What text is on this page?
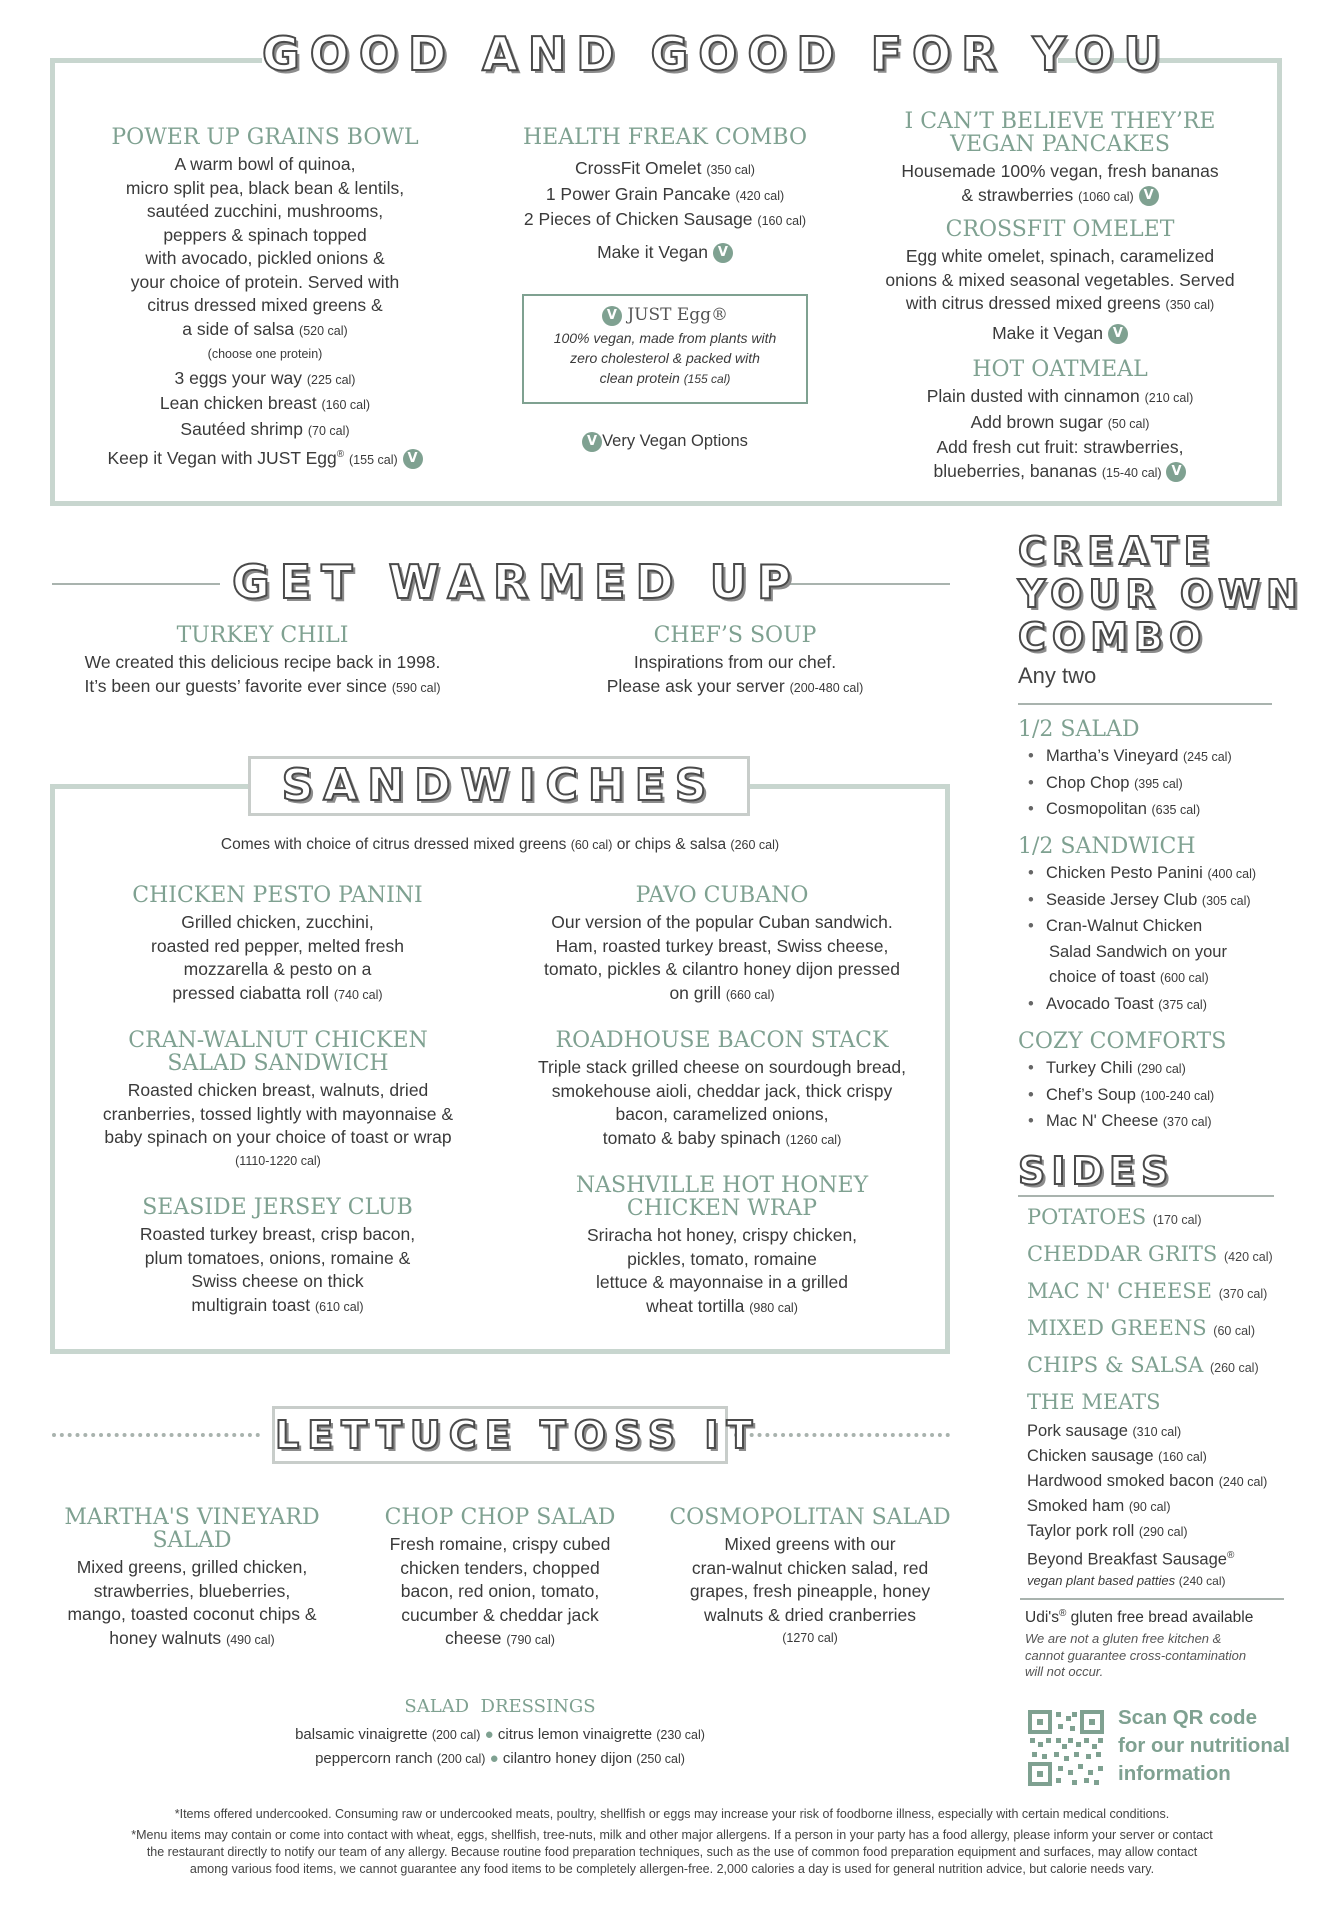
GOOD AND GOOD FOR YOU
POWER UP GRAINS BOWL
A warm bowl of quinoa,
micro split pea, black bean & lentils,
sautéed zucchini, mushrooms,
peppers & spinach topped
with avocado, pickled onions &
your choice of protein. Served with
citrus dressed mixed greens &
a side of salsa (520 cal)
(choose one protein)
3 eggs your way (225 cal)
Lean chicken breast (160 cal)
Sautéed shrimp (70 cal)
Keep it Vegan with JUST Egg® (155 cal) V
HEALTH FREAK COMBO
CrossFit Omelet (350 cal)
1 Power Grain Pancake (420 cal)
2 Pieces of Chicken Sausage (160 cal)
Make it Vegan V
V JUST Egg®
100% vegan, made from plants with
zero cholesterol & packed with
clean protein (155 cal)
V Very Vegan Options
I CAN’T BELIEVE THEY’RE
VEGAN PANCAKES
Housemade 100% vegan, fresh bananas
& strawberries (1060 cal) V
CROSSFIT OMELET
Egg white omelet, spinach, caramelized
onions & mixed seasonal vegetables. Served
with citrus dressed mixed greens (350 cal)
Make it Vegan V
HOT OATMEAL
Plain dusted with cinnamon (210 cal)
Add brown sugar (50 cal)
Add fresh cut fruit: strawberries,
blueberries, bananas (15-40 cal) V
GET WARMED UP
TURKEY CHILI
We created this delicious recipe back in 1998.
It’s been our guests’ favorite ever since (590 cal)
CHEF’S SOUP
Inspirations from our chef.
Please ask your server (200-480 cal)
SANDWICHES
Comes with choice of citrus dressed mixed greens (60 cal) or chips & salsa (260 cal)
CHICKEN PESTO PANINI
Grilled chicken, zucchini,
roasted red pepper, melted fresh
mozzarella & pesto on a
pressed ciabatta roll (740 cal)
PAVO CUBANO
Our version of the popular Cuban sandwich.
Ham, roasted turkey breast, Swiss cheese,
tomato, pickles & cilantro honey dijon pressed
on grill (660 cal)
CRAN-WALNUT CHICKEN
SALAD SANDWICH
Roasted chicken breast, walnuts, dried
cranberries, tossed lightly with mayonnaise &
baby spinach on your choice of toast or wrap
(1110-1220 cal)
ROADHOUSE BACON STACK
Triple stack grilled cheese on sourdough bread,
smokehouse aioli, cheddar jack, thick crispy
bacon, caramelized onions,
tomato & baby spinach (1260 cal)
SEASIDE JERSEY CLUB
Roasted turkey breast, crisp bacon,
plum tomatoes, onions, romaine &
Swiss cheese on thick
multigrain toast (610 cal)
NASHVILLE HOT HONEY
CHICKEN WRAP
Sriracha hot honey, crispy chicken,
pickles, tomato, romaine
lettuce & mayonnaise in a grilled
wheat tortilla (980 cal)
LETTUCE TOSS IT
MARTHA'S VINEYARD
SALAD
Mixed greens, grilled chicken,
strawberries, blueberries,
mango, toasted coconut chips &
honey walnuts (490 cal)
CHOP CHOP SALAD
Fresh romaine, crispy cubed
chicken tenders, chopped
bacon, red onion, tomato,
cucumber & cheddar jack
cheese (790 cal)
COSMOPOLITAN SALAD
Mixed greens with our
cran-walnut chicken salad, red
grapes, fresh pineapple, honey
walnuts & dried cranberries
(1270 cal)
SALAD  DRESSINGS
balsamic vinaigrette (200 cal) ● citrus lemon vinaigrette (230 cal)
peppercorn ranch (200 cal) ● cilantro honey dijon (250 cal)
CREATE
YOUR OWN
COMBO
Any two
1/2 SALAD
• Martha’s Vineyard (245 cal)
• Chop Chop (395 cal)
• Cosmopolitan (635 cal)
1/2 SANDWICH
• Chicken Pesto Panini (400 cal)
• Seaside Jersey Club (305 cal)
• Cran-Walnut Chicken
Salad Sandwich on your
choice of toast (600 cal)
• Avocado Toast (375 cal)
COZY COMFORTS
• Turkey Chili (290 cal)
• Chef’s Soup (100-240 cal)
• Mac N' Cheese (370 cal)
SIDES
POTATOES (170 cal)
CHEDDAR GRITS (420 cal)
MAC N' CHEESE (370 cal)
MIXED GREENS (60 cal)
CHIPS & SALSA (260 cal)
THE MEATS
Pork sausage (310 cal)
Chicken sausage (160 cal)
Hardwood smoked bacon (240 cal)
Smoked ham (90 cal)
Taylor pork roll (290 cal)
Beyond Breakfast Sausage®
vegan plant based patties (240 cal)
Udi's® gluten free bread available
We are not a gluten free kitchen &
cannot guarantee cross-contamination
will not occur.
Scan QR code
for our nutritional
information
*Items offered undercooked. Consuming raw or undercooked meats, poultry, shellfish or eggs may increase your risk of foodborne illness, especially with certain medical conditions.
*Menu items may contain or come into contact with wheat, eggs, shellfish, tree-nuts, milk and other major allergens. If a person in your party has a food allergy, please inform your server or contact
the restaurant directly to notify our team of any allergy. Because routine food preparation techniques, such as the use of common food preparation equipment and surfaces, may allow contact
among various food items, we cannot guarantee any food items to be completely allergen-free. 2,000 calories a day is used for general nutrition advice, but calorie needs vary.
